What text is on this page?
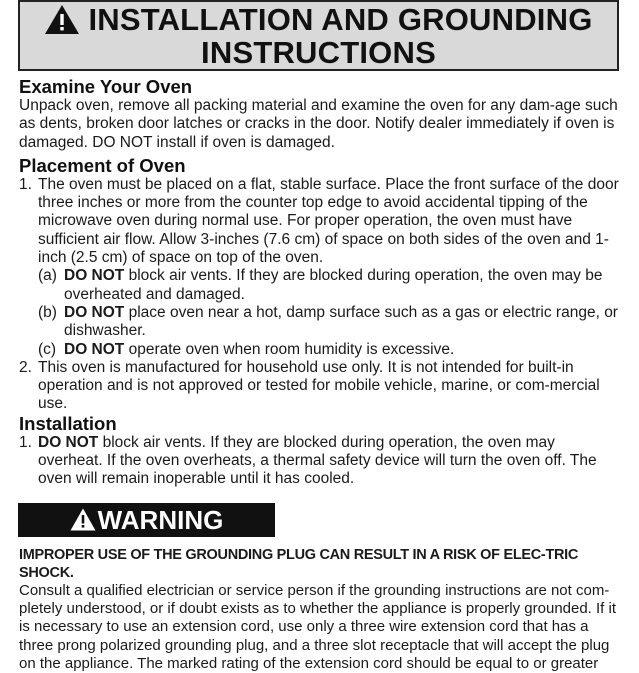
INSTALLATION AND GROUNDING
INSTRUCTIONS
Examine Your Oven

Unpack oven, remove all packing material and examine the oven for any dam-age such as dents, broken door latches or cracks in the door. Notify dealer immediately if oven is damaged. DO NOT install if oven is damaged.

Placement of Oven
1. The oven must be placed on a flat, stable surface. Place the front surface of the door three inches or more from the counter top edge to avoid accidental tipping of the microwave oven during normal use. For proper operation, the oven must have sufficient air flow. Allow 3-inches (7.6 cm) of space on both sides of the oven and 1-inch (2.5 cm) of space on top of the oven.
(a) DO NOT block air vents. If they are blocked during operation, the oven may be overheated and damaged.
(b) DO NOT place oven near a hot, damp surface such as a gas or electric range, or dishwasher.
(c) DO NOT operate oven when room humidity is excessive.
2. This oven is manufactured for household use only. It is not intended for built-in operation and is not approved or tested for mobile vehicle, marine, or com-mercial use.
Installation
1. DO NOT block air vents. If they are blocked during operation, the oven may overheat. If the oven overheats, a thermal safety device will turn the oven off. The oven will remain inoperable until it has cooled.
WARNING
IMPROPER USE OF THE GROUNDING PLUG CAN RESULT IN A RISK OF ELEC-TRIC SHOCK.
Consult a qualified electrician or service person if the grounding instructions are not com-pletely understood, or if doubt exists as to whether the appliance is properly grounded. If it is necessary to use an extension cord, use only a three wire extension cord that has a three prong polarized grounding plug, and a three slot receptacle that will accept the plug on the appliance. The marked rating of the extension cord should be equal to or greater
